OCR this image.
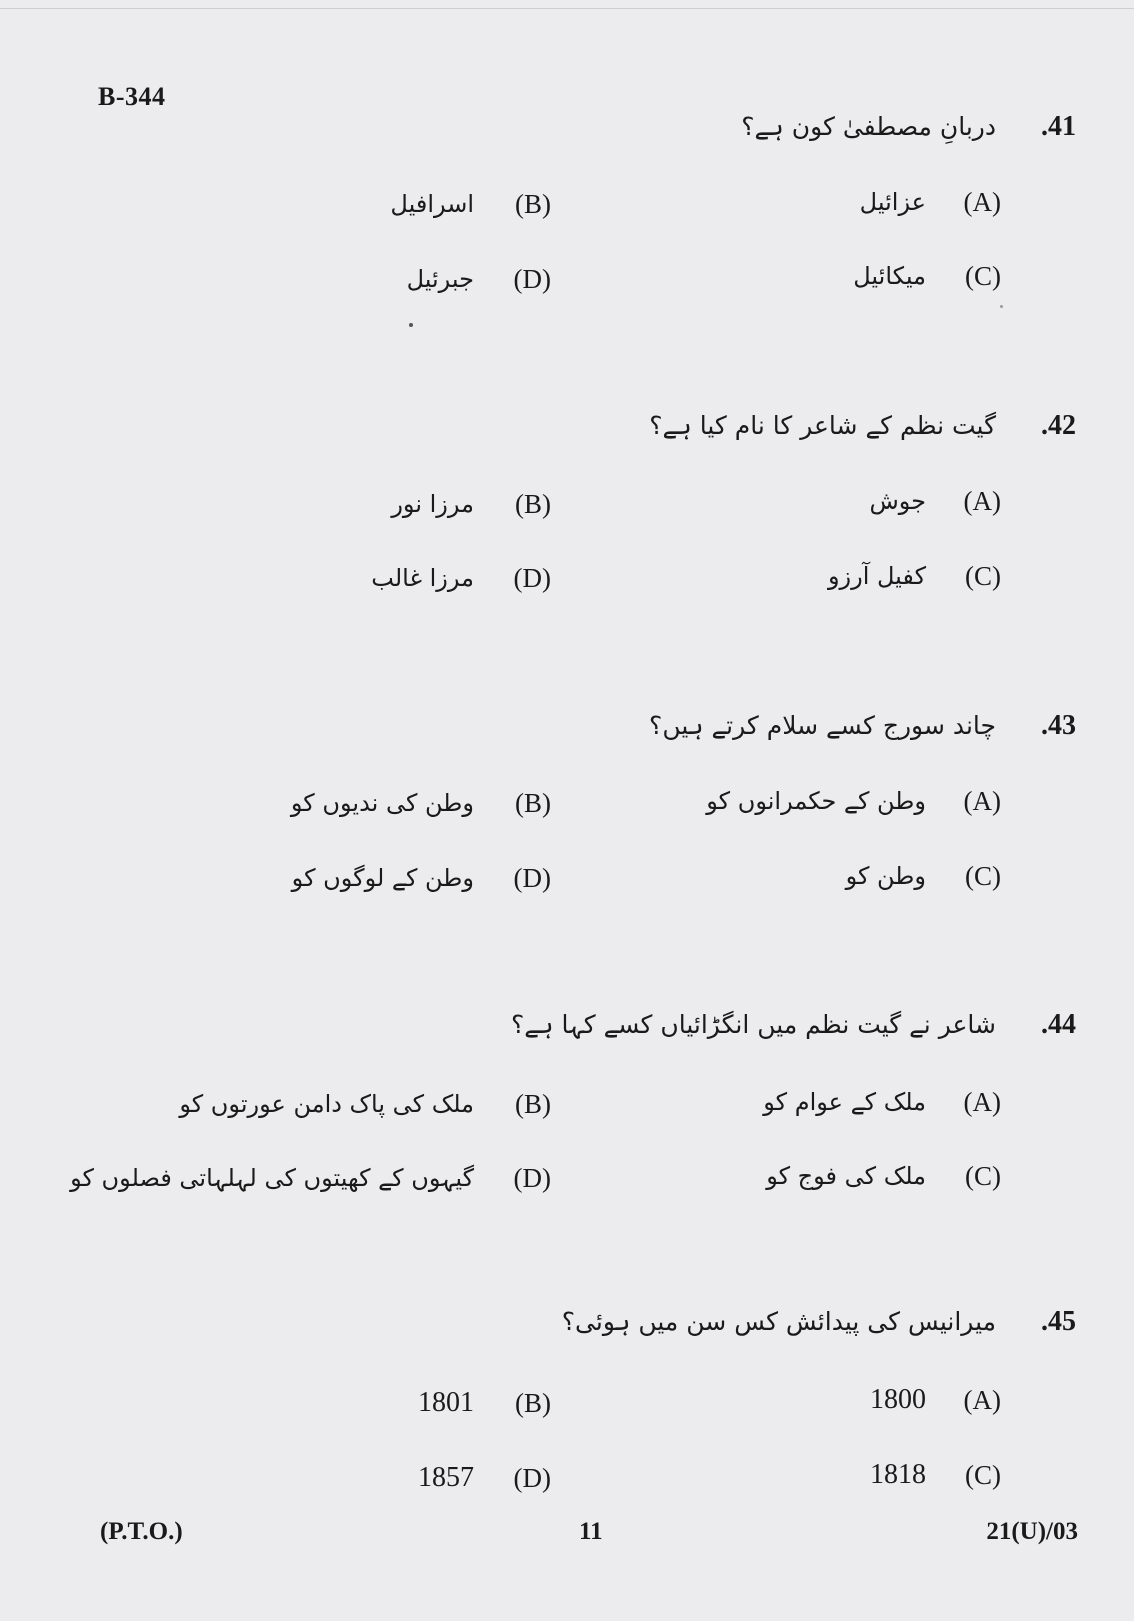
B-344
.41
دربانِ مصطفیٰ کون ہے؟
(A)
عزائیل
(C)
میکائیل
(B)
اسرافیل
(D)
جبرئیل
.42
گیت نظم کے شاعر کا نام کیا ہے؟
(A)
جوش
(C)
کفیل آرزو
(B)
مرزا نور
(D)
مرزا غالب
.43
چاند سورج کسے سلام کرتے ہیں؟
(A)
وطن کے حکمرانوں کو
(C)
وطن کو
(B)
وطن کی ندیوں کو
(D)
وطن کے لوگوں کو
.44
شاعر نے گیت نظم میں انگڑائیاں کسے کہا ہے؟
(A)
ملک کے عوام کو
(C)
ملک کی فوج کو
(B)
ملک کی پاک دامن عورتوں کو
(D)
گیہوں کے کھیتوں کی لہلہاتی فصلوں کو
.45
میرانیس کی پیدائش کس سن میں ہوئی؟
(A)
1800
(C)
1818
(B)
1801
(D)
1857
(P.T.O.)	11	21(U)/03
